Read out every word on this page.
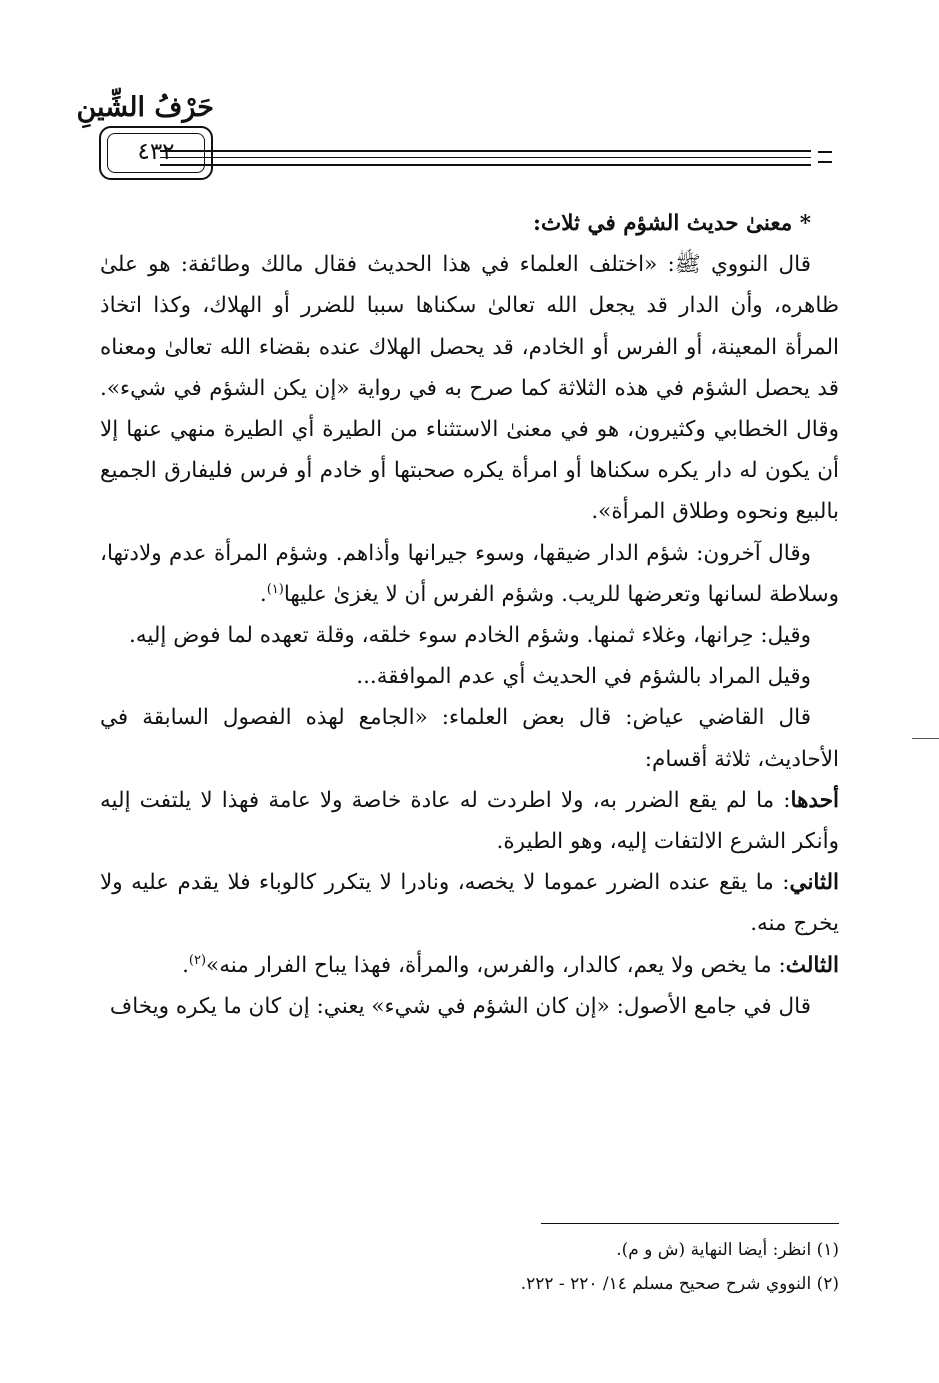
حَرْفُ الشِّينِ
٤٣٢

* معنىٰ حديث الشؤم في ثلاث:

قال النووي ﷺ: «اختلف العلماء في هذا الحديث فقال مالك وطائفة: هو علىٰ ظاهره، وأن الدار قد يجعل الله تعالىٰ سكناها سببا للضرر أو الهلاك، وكذا اتخاذ المرأة المعينة، أو الفرس أو الخادم، قد يحصل الهلاك عنده بقضاء الله تعالىٰ ومعناه قد يحصل الشؤم في هذه الثلاثة كما صرح به في رواية «إن يكن الشؤم في شيء». وقال الخطابي وكثيرون، هو في معنىٰ الاستثناء من الطيرة أي الطيرة منهي عنها إلا أن يكون له دار يكره سكناها أو امرأة يكره صحبتها أو خادم أو فرس فليفارق الجميع بالبيع ونحوه وطلاق المرأة».

وقال آخرون: شؤم الدار ضيقها، وسوء جيرانها وأذاهم. وشؤم المرأة عدم ولادتها، وسلاطة لسانها وتعرضها للريب. وشؤم الفرس أن لا يغزىٰ عليها$^{(١)}$.

وقيل: حِرانها، وغلاء ثمنها. وشؤم الخادم سوء خلقه، وقلة تعهده لما فوض إليه.

وقيل المراد بالشؤم في الحديث أي عدم الموافقة...

قال القاضي عياض: قال بعض العلماء: «الجامع لهذه الفصول السابقة في الأحاديث، ثلاثة أقسام:

أحدها: ما لم يقع الضرر به، ولا اطردت له عادة خاصة ولا عامة فهذا لا يلتفت إليه وأنكر الشرع الالتفات إليه، وهو الطيرة.

الثاني: ما يقع عنده الضرر عموما لا يخصه، ونادرا لا يتكرر كالوباء فلا يقدم عليه ولا يخرج منه.

الثالث: ما يخص ولا يعم، كالدار، والفرس، والمرأة، فهذا يباح الفرار منه»$^{(٢)}$.

قال في جامع الأصول: «إن كان الشؤم في شيء» يعني: إن كان ما يكره ويخاف

(١) انظر: أيضا النهاية (ش و م).

(٢) النووي شرح صحيح مسلم ١٤/ ٢٢٠ - ٢٢٢.
